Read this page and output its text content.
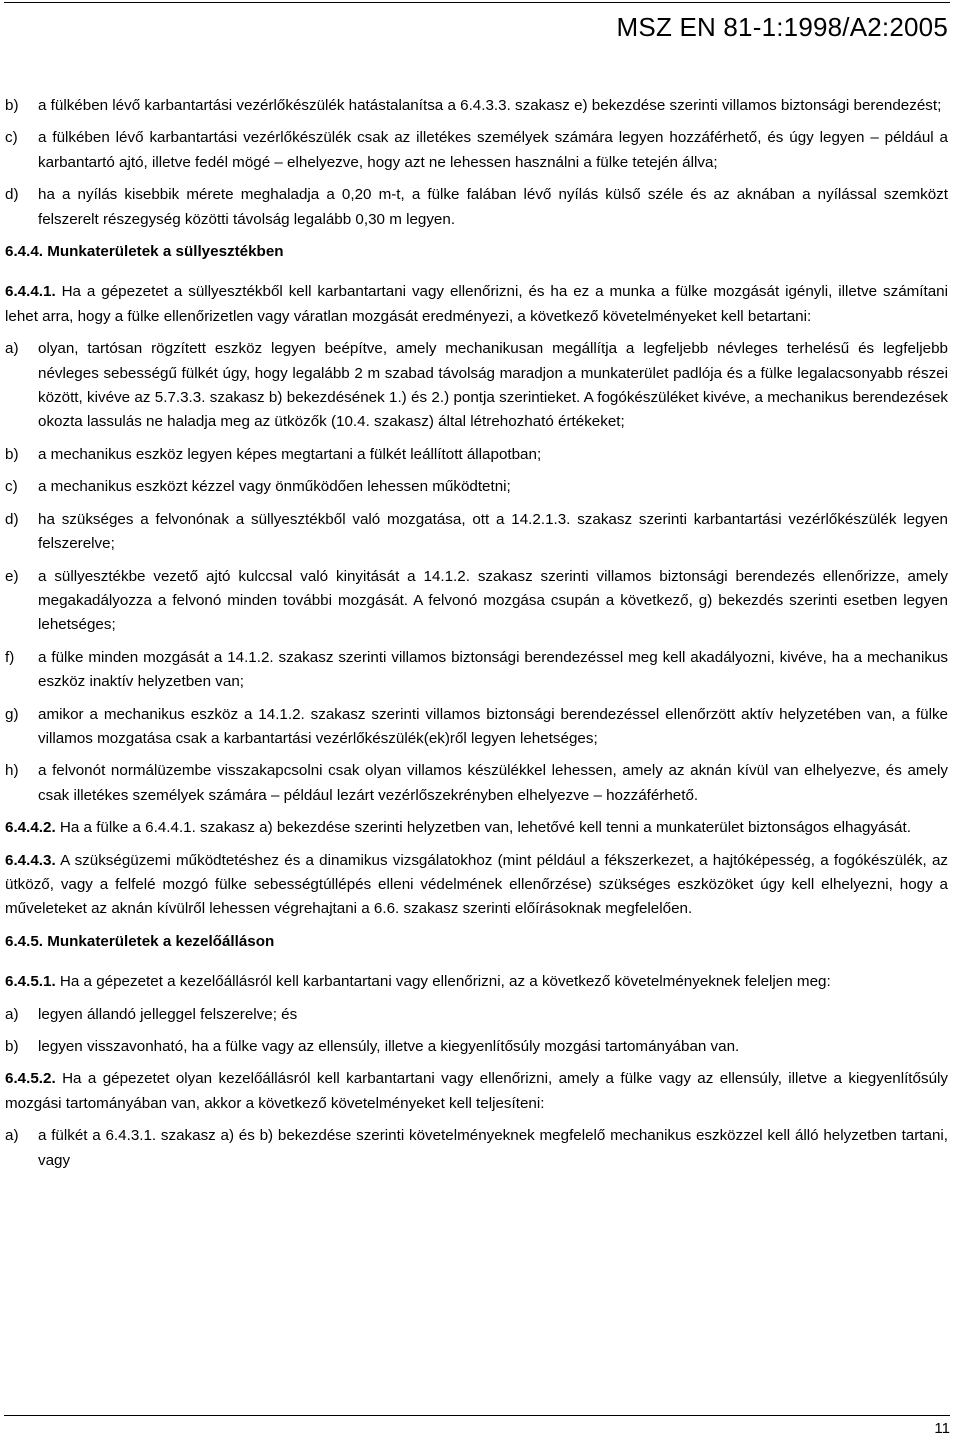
MSZ EN 81-1:1998/A2:2005
b) a fülkében lévő karbantartási vezérlőkészülék hatástalanítsa a 6.4.3.3. szakasz e) bekezdése szerinti villamos biztonsági berendezést;
c) a fülkében lévő karbantartási vezérlőkészülék csak az illetékes személyek számára legyen hozzáférhető, és úgy legyen – például a karbantartó ajtó, illetve fedél mögé – elhelyezve, hogy azt ne lehessen használni a fülke tetején állva;
d) ha a nyílás kisebbik mérete meghaladja a 0,20 m-t, a fülke falában lévő nyílás külső széle és az aknában a nyílással szemközt felszerelt részegység közötti távolság legalább 0,30 m legyen.
6.4.4. Munkaterületek a süllyesztékben
6.4.4.1. Ha a gépezetet a süllyesztékből kell karbantartani vagy ellenőrizni, és ha ez a munka a fülke mozgását igényli, illetve számítani lehet arra, hogy a fülke ellenőrizetlen vagy váratlan mozgását eredményezi, a következő követelményeket kell betartani:
a) olyan, tartósan rögzített eszköz legyen beépítve, amely mechanikusan megállítja a legfeljebb névleges terhelésű és legfeljebb névleges sebességű fülkét úgy, hogy legalább 2 m szabad távolság maradjon a munkaterület padlója és a fülke legalacsonyabb részei között, kivéve az 5.7.3.3. szakasz b) bekezdésének 1.) és 2.) pontja szerintieket. A fogókészüléket kivéve, a mechanikus berendezések okozta lassulás ne haladja meg az ütközők (10.4. szakasz) által létrehozható értékeket;
b) a mechanikus eszköz legyen képes megtartani a fülkét leállított állapotban;
c) a mechanikus eszközt kézzel vagy önműködően lehessen működtetni;
d) ha szükséges a felvonónak a süllyesztékből való mozgatása, ott a 14.2.1.3. szakasz szerinti karbantartási vezérlőkészülék legyen felszerelve;
e) a süllyesztékbe vezető ajtó kulccsal való kinyitását a 14.1.2. szakasz szerinti villamos biztonsági berendezés ellenőrizze, amely megakadályozza a felvonó minden további mozgását. A felvonó mozgása csupán a következő, g) bekezdés szerinti esetben legyen lehetséges;
f) a fülke minden mozgását a 14.1.2. szakasz szerinti villamos biztonsági berendezéssel meg kell akadályozni, kivéve, ha a mechanikus eszköz inaktív helyzetben van;
g) amikor a mechanikus eszköz a 14.1.2. szakasz szerinti villamos biztonsági berendezéssel ellenőrzött aktív helyzetében van, a fülke villamos mozgatása csak a karbantartási vezérlőkészülék(ek)ről legyen lehetséges;
h) a felvonót normálüzembe visszakapcsolni csak olyan villamos készülékkel lehessen, amely az aknán kívül van elhelyezve, és amely csak illetékes személyek számára – például lezárt vezérlőszekrényben elhelyezve – hozzáférhető.
6.4.4.2. Ha a fülke a 6.4.4.1. szakasz a) bekezdése szerinti helyzetben van, lehetővé kell tenni a munkaterület biztonságos elhagyását.
6.4.4.3. A szükségüzemi működtetéshez és a dinamikus vizsgálatokhoz (mint például a fékszerkezet, a hajtóképesség, a fogókészülék, az ütköző, vagy a felfelé mozgó fülke sebességtúllépés elleni védelmének ellenőrzése) szükséges eszközöket úgy kell elhelyezni, hogy a műveleteket az aknán kívülről lehessen végrehajtani a 6.6. szakasz szerinti előírásoknak megfelelően.
6.4.5. Munkaterületek a kezelőálláson
6.4.5.1. Ha a gépezetet a kezelőállásról kell karbantartani vagy ellenőrizni, az a következő követelményeknek feleljen meg:
a) legyen állandó jelleggel felszerelve; és
b) legyen visszavonható, ha a fülke vagy az ellensúly, illetve a kiegyenlítősúly mozgási tartományában van.
6.4.5.2. Ha a gépezetet olyan kezelőállásról kell karbantartani vagy ellenőrizni, amely a fülke vagy az ellensúly, illetve a kiegyenlítősúly mozgási tartományában van, akkor a következő követelményeket kell teljesíteni:
a) a fülkét a 6.4.3.1. szakasz a) és b) bekezdése szerinti követelményeknek megfelelő mechanikus eszközzel kell álló helyzetben tartani, vagy
11
